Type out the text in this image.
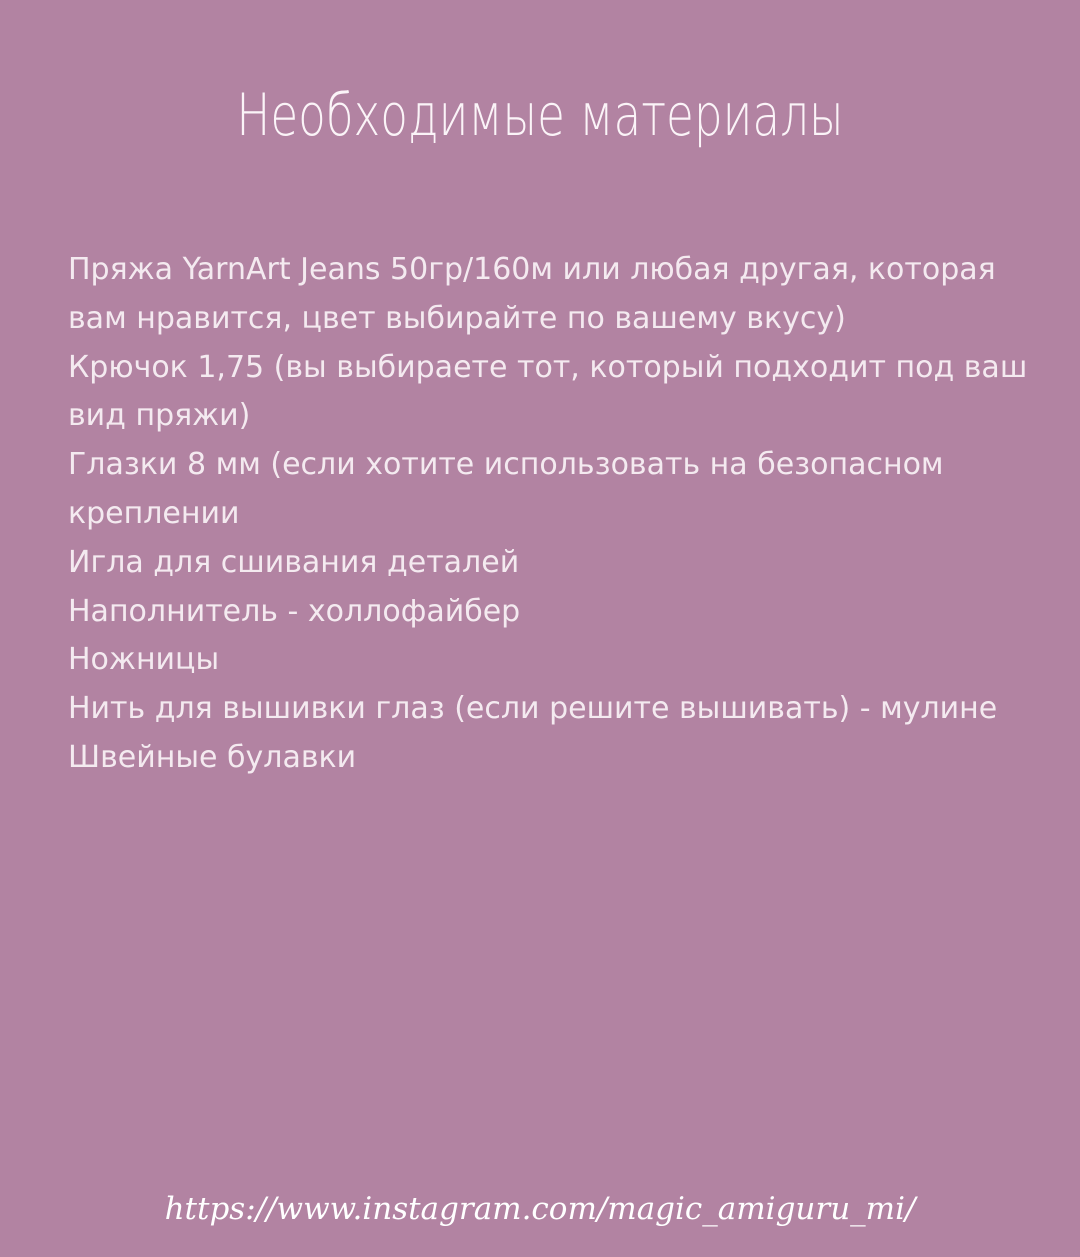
Необходимые материалы
Пряжа YarnArt Jeans 50гр/160м или любая другая, которая вам нравится, цвет выбирайте по вашему вкусу)
Крючок 1,75 (вы выбираете тот, который подходит под ваш вид пряжи)
Глазки 8 мм (если хотите использовать на безопасном креплении
Игла для сшивания деталей
Наполнитель - холлофайбер
Ножницы
Нить для вышивки глаз (если решите вышивать) - мулине
Швейные булавки
https://www.instagram.com/magic_amiguru_mi/
